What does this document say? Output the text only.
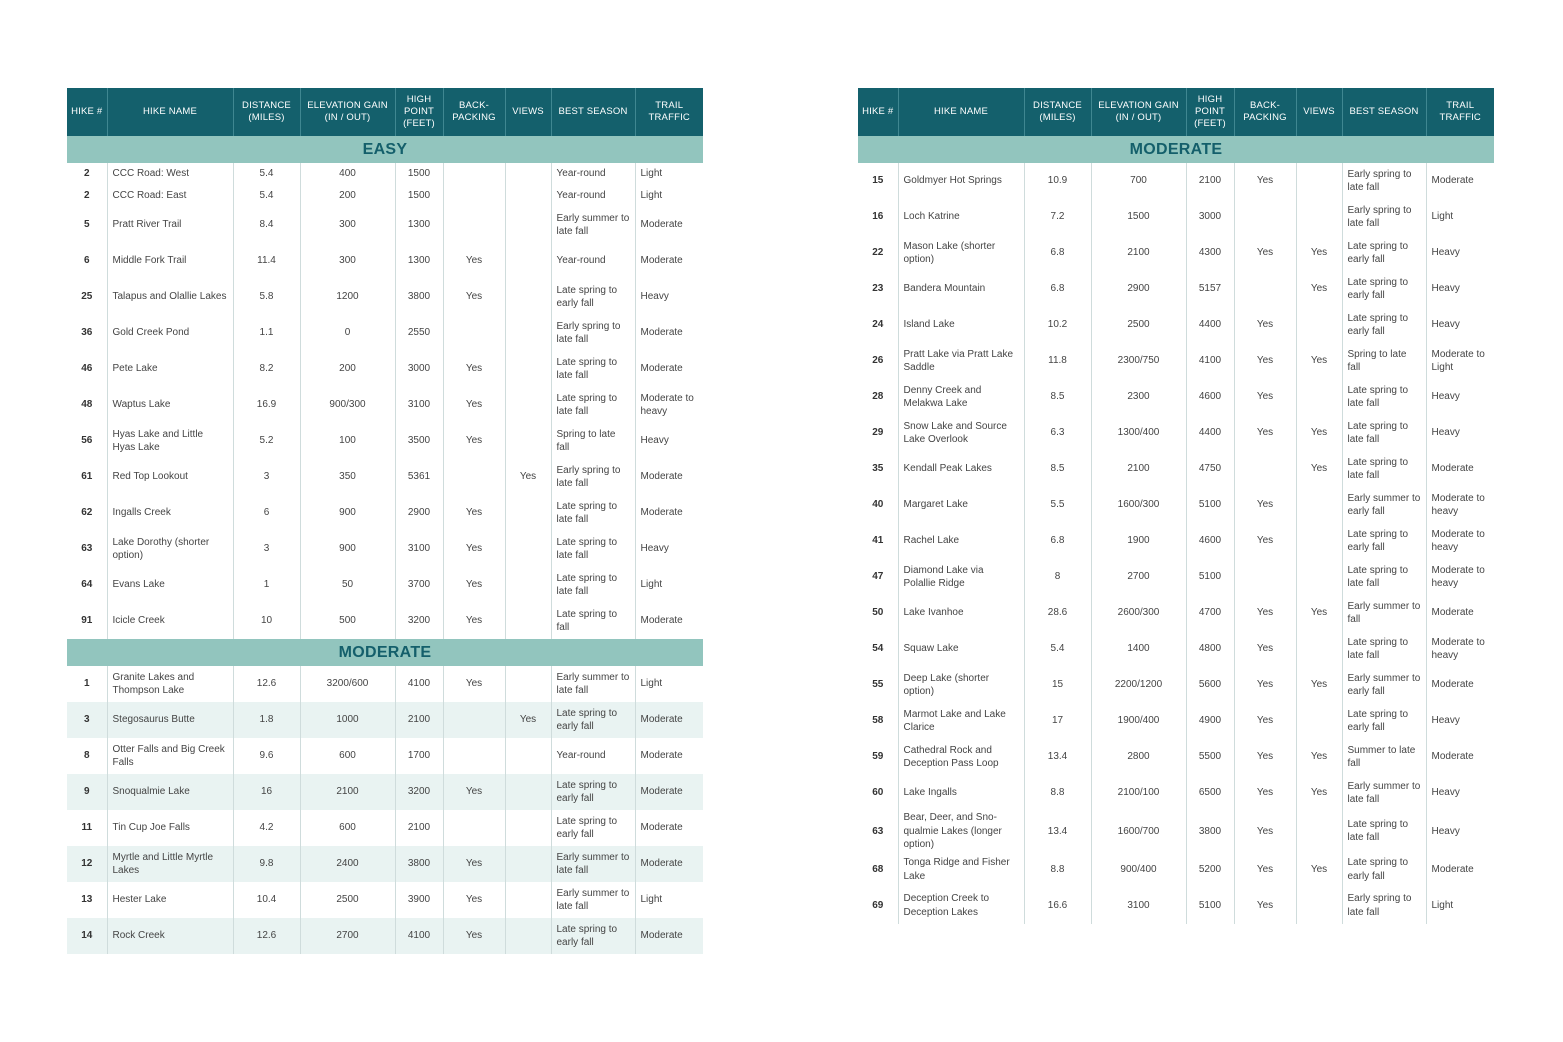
HIKE #	HIKE NAME	DISTANCE (MILES)	ELEVATION GAIN (IN / OUT)	HIGH POINT (FEET)	BACK-PACKING	VIEWS	BEST SEASON	TRAIL TRAFFIC
EASY								
2	CCC Road: West	5.4	400	1500			Year-round	Light
2	CCC Road: East	5.4	200	1500			Year-round	Light
5	Pratt River Trail	8.4	300	1300			Early summer to late fall	Moderate
6	Middle Fork Trail	11.4	300	1300	Yes		Year-round	Moderate
25	Talapus and Olallie Lakes	5.8	1200	3800	Yes		Late spring to early fall	Heavy
36	Gold Creek Pond	1.1	0	2550			Early spring to late fall	Moderate
46	Pete Lake	8.2	200	3000	Yes		Late spring to late fall	Moderate
48	Waptus Lake	16.9	900/300	3100	Yes		Late spring to late fall	Moderate to heavy
56	Hyas Lake and Little Hyas Lake	5.2	100	3500	Yes		Spring to late fall	Heavy
61	Red Top Lookout	3	350	5361		Yes	Early spring to late fall	Moderate
62	Ingalls Creek	6	900	2900	Yes		Late spring to late fall	Moderate
63	Lake Dorothy (shorter option)	3	900	3100	Yes		Late spring to late fall	Heavy
64	Evans Lake	1	50	3700	Yes		Late spring to late fall	Light
91	Icicle Creek	10	500	3200	Yes		Late spring to fall	Moderate
MODERATE								
1	Granite Lakes and Thompson Lake	12.6	3200/600	4100	Yes		Early summer to late fall	Light
3	Stegosaurus Butte	1.8	1000	2100		Yes	Late spring to early fall	Moderate
8	Otter Falls and Big Creek Falls	9.6	600	1700			Year-round	Moderate
9	Snoqualmie Lake	16	2100	3200	Yes		Late spring to early fall	Moderate
11	Tin Cup Joe Falls	4.2	600	2100			Late spring to early fall	Moderate
12	Myrtle and Little Myrtle Lakes	9.8	2400	3800	Yes		Early summer to late fall	Moderate
13	Hester Lake	10.4	2500	3900	Yes		Early summer to late fall	Light
14	Rock Creek	12.6	2700	4100	Yes		Late spring to early fall	Moderate
HIKE #	HIKE NAME	DISTANCE (MILES)	ELEVATION GAIN (IN / OUT)	HIGH POINT (FEET)	BACK-PACKING	VIEWS	BEST SEASON	TRAIL TRAFFIC
MODERATE								
15	Goldmyer Hot Springs	10.9	700	2100	Yes		Early spring to late fall	Moderate
16	Loch Katrine	7.2	1500	3000			Early spring to late fall	Light
22	Mason Lake (shorter option)	6.8	2100	4300	Yes	Yes	Late spring to early fall	Heavy
23	Bandera Mountain	6.8	2900	5157		Yes	Late spring to early fall	Heavy
24	Island Lake	10.2	2500	4400	Yes		Late spring to early fall	Heavy
26	Pratt Lake via Pratt Lake Saddle	11.8	2300/750	4100	Yes	Yes	Spring to late fall	Moderate to Light
28	Denny Creek and Melakwa Lake	8.5	2300	4600	Yes		Late spring to late fall	Heavy
29	Snow Lake and Source Lake Overlook	6.3	1300/400	4400	Yes	Yes	Late spring to late fall	Heavy
35	Kendall Peak Lakes	8.5	2100	4750		Yes	Late spring to late fall	Moderate
40	Margaret Lake	5.5	1600/300	5100	Yes		Early summer to early fall	Moderate to heavy
41	Rachel Lake	6.8	1900	4600	Yes		Late spring to early fall	Moderate to heavy
47	Diamond Lake via Polallie Ridge	8	2700	5100			Late spring to late fall	Moderate to heavy
50	Lake Ivanhoe	28.6	2600/300	4700	Yes	Yes	Early summer to fall	Moderate
54	Squaw Lake	5.4	1400	4800	Yes		Late spring to late fall	Moderate to heavy
55	Deep Lake (shorter option)	15	2200/1200	5600	Yes	Yes	Early summer to early fall	Moderate
58	Marmot Lake and Lake Clarice	17	1900/400	4900	Yes		Late spring to early fall	Heavy
59	Cathedral Rock and Deception Pass Loop	13.4	2800	5500	Yes	Yes	Summer to late fall	Moderate
60	Lake Ingalls	8.8	2100/100	6500	Yes	Yes	Early summer to late fall	Heavy
63	Bear, Deer, and Sno-qualmie Lakes (longer option)	13.4	1600/700	3800	Yes		Late spring to late fall	Heavy
68	Tonga Ridge and Fisher Lake	8.8	900/400	5200	Yes	Yes	Late spring to early fall	Moderate
69	Deception Creek to Deception Lakes	16.6	3100	5100	Yes		Early spring to late fall	Light
